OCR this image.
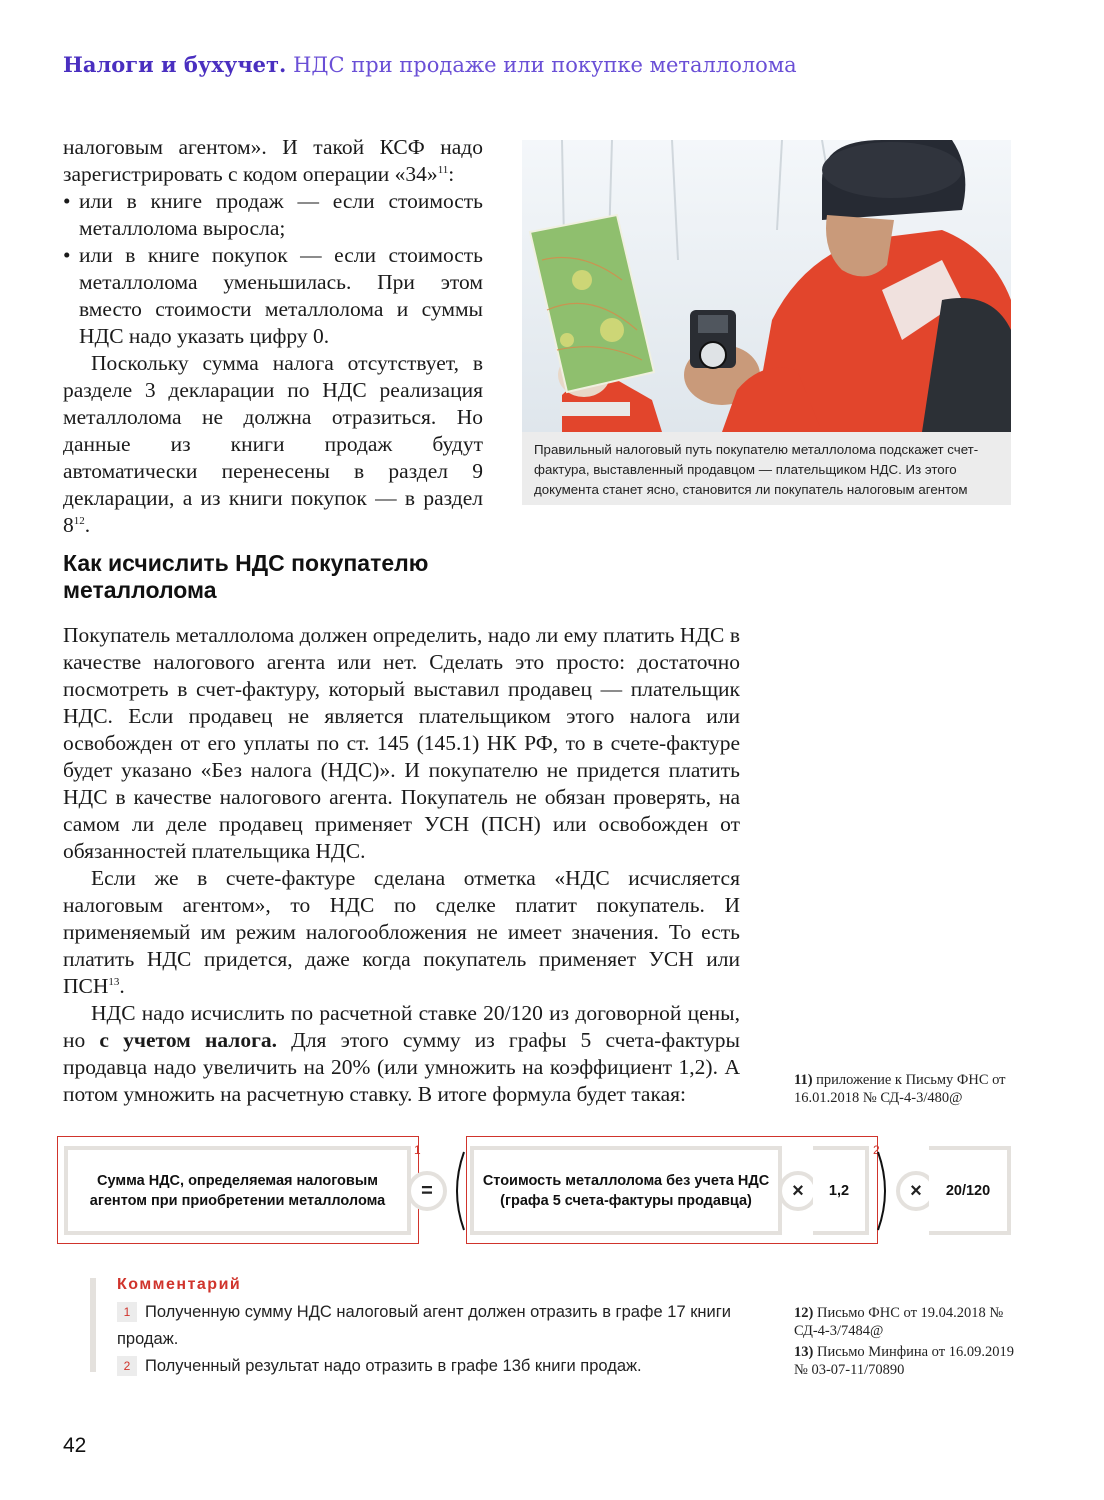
Налоги и бухучет. НДС при продаже или покупке металлолома

налоговым агентом». И такой КСФ надо зарегистрировать с кодом операции «34»$^{11}$:

• или в книге продаж — если стоимость металлолома выросла;

• или в книге покупок — если стоимость металлолома уменьшилась. При этом вместо стоимости металлолома и суммы НДС надо указать цифру 0.

Поскольку сумма налога отсутствует, в разделе 3 декларации по НДС реализация металлолома не должна отразиться. Но данные из книги продаж будут автоматически перенесены в раздел 9 декларации, а из книги покупок — в раздел $8^{12}$.

Правильный налоговый путь покупателю металлолома подскажет счет-фактура, выставленный продавцом — плательщиком НДС. Из этого документа станет ясно, становится ли покупатель налоговым агентом
Как исчислить НДС покупателю металлолома

Покупатель металлолома должен определить, надо ли ему платить НДС в качестве налогового агента или нет. Сделать это просто: достаточно посмотреть в счет-фактуру, который выставил продавец — плательщик НДС. Если продавец не является плательщиком этого налога или освобожден от его уплаты по ст. 145 (145.1) НК РФ, то в счете-фактуре будет указано «Без налога (НДС)». И покупателю не придется платить НДС в качестве налогового агента. Покупатель не обязан проверять, на самом ли деле продавец применяет УСН (ПСН) или освобожден от обязанностей плательщика НДС.

Если же в счете-фактуре сделана отметка «НДС исчисляется налоговым агентом», то НДС по сделке платит покупатель. И применяемый им режим налогообложения не имеет значения. То есть платить НДС придется, даже когда покупатель применяет УСН или ПСН$^{13}$.

НДС надо исчислить по расчетной ставке 20/120 из договорной цены, но с учетом налога. Для этого сумму из графы 5 счета-фактуры продавца надо увеличить на 20% (или умножить на коэффициент 1,2). А потом умножить на расчетную ставку. В итоге формула будет такая:

11) приложение к Письму ФНС от 16.01.2018 № СД-4-3/480@
1	2
Сумма НДС, определяемая налоговым агентом при приобретении металлолома	=	Стоимость металлолома без учета НДС (графа 5 счета-фактуры продавца)	×	1,2	×	20/120
Комментарий
1 Полученную сумму НДС налоговый агент должен отразить в графе 17 книги продаж.
2 Полученный результат надо отразить в графе 13б книги продаж.
12) Письмо ФНС от 19.04.2018 № СД-4-3/7484@
13) Письмо Минфина от 16.09.2019 № 03-07-11/70890
42
